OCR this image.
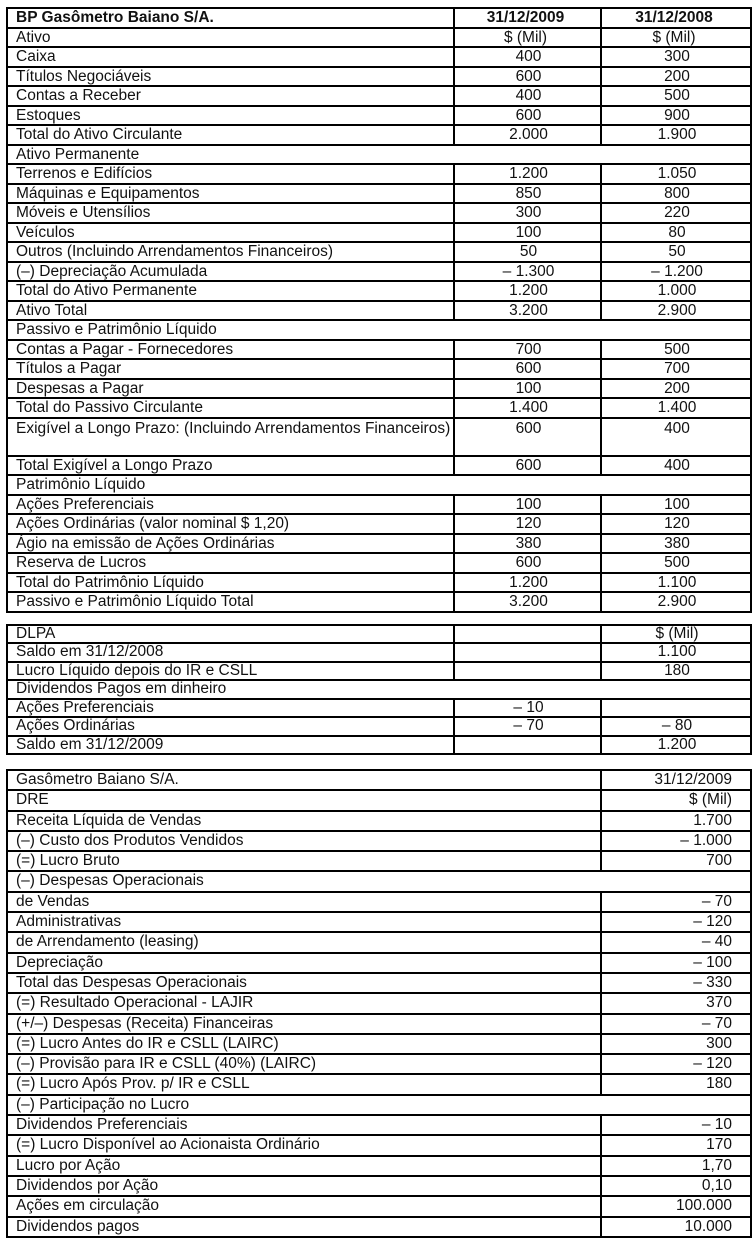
BP Gasômetro Baiano S/A.	31/12/2009	31/12/2008
Ativo	$ (Mil)	$ (Mil)
Caixa	400	300
Títulos Negociáveis	600	200
Contas a Receber	400	500
Estoques	600	900
Total do Ativo Circulante	2.000	1.900
Ativo Permanente		
Terrenos e Edifícios	1.200	1.050
Máquinas e Equipamentos	850	800
Móveis e Utensílios	300	220
Veículos	100	80
Outros (Incluindo Arrendamentos Financeiros)	50	50
(–) Depreciação Acumulada	– 1.300	– 1.200
Total do Ativo Permanente	1.200	1.000
Ativo Total	3.200	2.900
Passivo e Patrimônio Líquido		
Contas a Pagar - Fornecedores	700	500
Títulos a Pagar	600	700
Despesas a Pagar	100	200
Total do Passivo Circulante	1.400	1.400
Exigível a Longo Prazo: (Incluindo Arrendamentos Financeiros)	600	400
Total Exigível a Longo Prazo	600	400
Patrimônio Líquido		
Ações Preferenciais	100	100
Ações Ordinárias (valor nominal $ 1,20)	120	120
Ágio na emissão de Ações Ordinárias	380	380
Reserva de Lucros	600	500
Total do Patrimônio Líquido	1.200	1.100
Passivo e Patrimônio Líquido Total	3.200	2.900
DLPA		$ (Mil)
Saldo em 31/12/2008		1.100
Lucro Líquido depois do IR e CSLL		180
Dividendos Pagos em dinheiro		
Ações Preferenciais	– 10	
Ações Ordinárias	– 70	– 80
Saldo em 31/12/2009		1.200
Gasômetro Baiano S/A.	31/12/2009
DRE	$ (Mil)
Receita Líquida de Vendas	1.700
(–) Custo dos Produtos Vendidos	– 1.000
(=) Lucro Bruto	700
(–) Despesas Operacionais	
de Vendas	– 70
Administrativas	– 120
de Arrendamento (leasing)	– 40
Depreciação	– 100
Total das Despesas Operacionais	– 330
(=) Resultado Operacional - LAJIR	370
(+/–) Despesas (Receita) Financeiras	– 70
(=) Lucro Antes do IR e CSLL (LAIRC)	300
(–) Provisão para IR e CSLL (40%) (LAIRC)	– 120
(=) Lucro Após Prov. p/ IR e CSLL	180
(–) Participação no Lucro	
Dividendos Preferenciais	– 10
(=) Lucro Disponível ao Acionaista Ordinário	170
Lucro por Ação	1,70
Dividendos por Ação	0,10
Ações em circulação	100.000
Dividendos pagos	10.000
